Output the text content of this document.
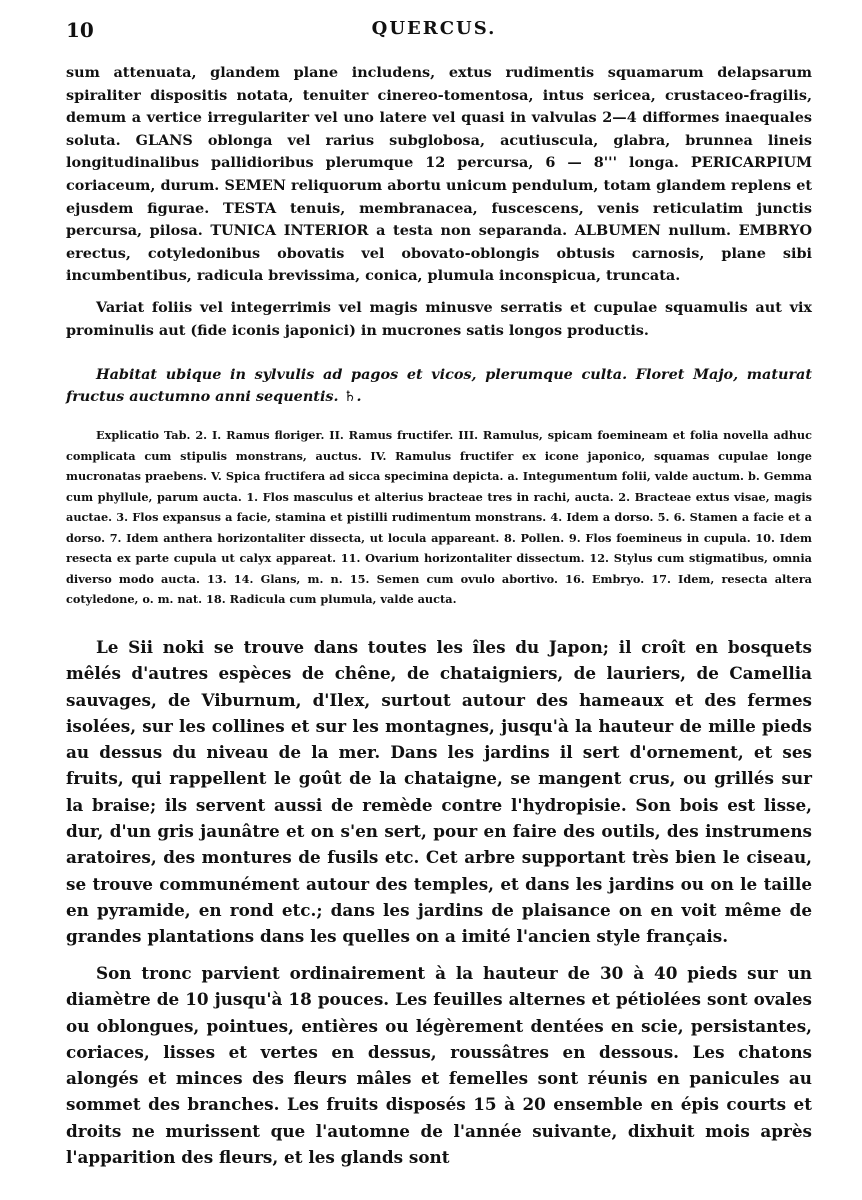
10	QUERCUS.

sum attenuata, glandem plane includens, extus rudimentis squamarum delapsarum spiraliter dispositis notata, tenuiter cinereo-tomentosa, intus sericea, crustaceo-fragilis, demum a vertice irregulariter vel uno latere vel quasi in valvulas 2—4 difformes inaequales soluta. GLANS oblonga vel rarius subglobosa, acutiuscula, glabra, brunnea lineis longitudinalibus pallidioribus plerumque 12 percursa, 6 — 8''' longa. PERICARPIUM coriaceum, durum. SEMEN reliquorum abortu unicum pendulum, totam glandem replens et ejusdem figurae. TESTA tenuis, membranacea, fuscescens, venis reticulatim junctis percursa, pilosa. TUNICA INTERIOR a testa non separanda. ALBUMEN nullum. EMBRYO erectus, cotyledonibus obovatis vel obovato-oblongis obtusis carnosis, plane sibi incumbentibus, radicula brevissima, conica, plumula inconspicua, truncata.

Variat foliis vel integerrimis vel magis minusve serratis et cupulae squamulis aut vix prominulis aut (fide iconis japonici) in mucrones satis longos productis.

Habitat ubique in sylvulis ad pagos et vicos, plerumque culta. Floret Majo, maturat fructus auctumno anni sequentis. ♄.

Explicatio Tab. 2. I. Ramus floriger. II. Ramus fructifer. III. Ramulus, spicam foemineam et folia novella adhuc complicata cum stipulis monstrans, auctus. IV. Ramulus fructifer ex icone japonico, squamas cupulae longe mucronatas praebens. V. Spica fructifera ad sicca specimina depicta. a. Integumentum folii, valde auctum. b. Gemma cum phyllule, parum aucta. 1. Flos masculus et alterius bracteae tres in rachi, aucta. 2. Bracteae extus visae, magis auctae. 3. Flos expansus a facie, stamina et pistilli rudimentum monstrans. 4. Idem a dorso. 5. 6. Stamen a facie et a dorso. 7. Idem anthera horizontaliter dissecta, ut locula appareant. 8. Pollen. 9. Flos foemineus in cupula. 10. Idem resecta ex parte cupula ut calyx appareat. 11. Ovarium horizontaliter dissectum. 12. Stylus cum stigmatibus, omnia diverso modo aucta. 13. 14. Glans, m. n. 15. Semen cum ovulo abortivo. 16. Embryo. 17. Idem, resecta altera cotyledone, o. m. nat. 18. Radicula cum plumula, valde aucta.

Le Sii noki se trouve dans toutes les îles du Japon; il croît en bosquets mêlés d'autres espèces de chêne, de chataigniers, de lauriers, de Camellia sauvages, de Viburnum, d'Ilex, surtout autour des hameaux et des fermes isolées, sur les collines et sur les montagnes, jusqu'à la hauteur de mille pieds au dessus du niveau de la mer. Dans les jardins il sert d'ornement, et ses fruits, qui rappellent le goût de la chataigne, se mangent crus, ou grillés sur la braise; ils servent aussi de remède contre l'hydropisie. Son bois est lisse, dur, d'un gris jaunâtre et on s'en sert, pour en faire des outils, des instrumens aratoires, des montures de fusils etc. Cet arbre supportant très bien le ciseau, se trouve communément autour des temples, et dans les jardins ou on le taille en pyramide, en rond etc.; dans les jardins de plaisance on en voit même de grandes plantations dans les quelles on a imité l'ancien style français.

Son tronc parvient ordinairement à la hauteur de 30 à 40 pieds sur un diamètre de 10 jusqu'à 18 pouces. Les feuilles alternes et pétiolées sont ovales ou oblongues, pointues, entières ou légèrement dentées en scie, persistantes, coriaces, lisses et vertes en dessus, roussâtres en dessous. Les chatons alongés et minces des fleurs mâles et femelles sont réunis en panicules au sommet des branches. Les fruits disposés 15 à 20 ensemble en épis courts et droits ne murissent que l'automne de l'année suivante, dixhuit mois après l'apparition des fleurs, et les glands sont
